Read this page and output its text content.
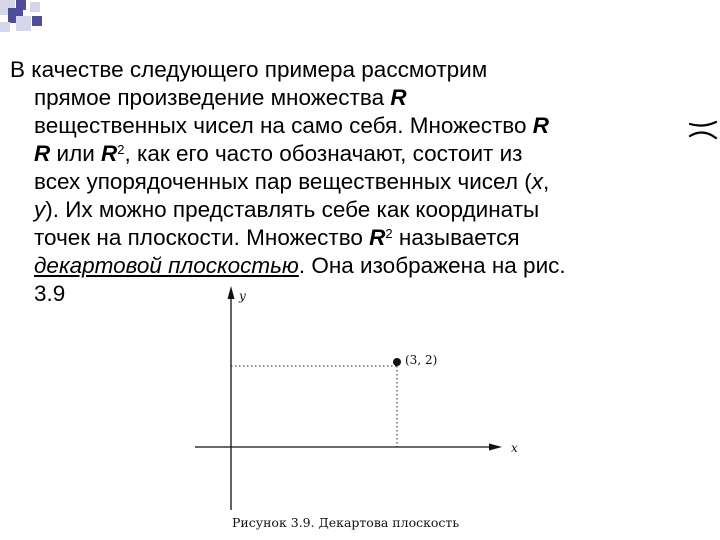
В качестве следующего примера рассмотрим
прямое произведение множества R
вещественных чисел на само себя. Множество R
R или $R^2$, как его часто обозначают, состоит из
всех упорядоченных пар вещественных чисел (x,
y). Их можно представлять себе как координаты
точек на плоскости. Множество $R^2$ называется
декартовой плоскостью. Она изображена на рис.
3.9	y
x
(3, 2)
Рисунок 3.9. Декартова плоскость
